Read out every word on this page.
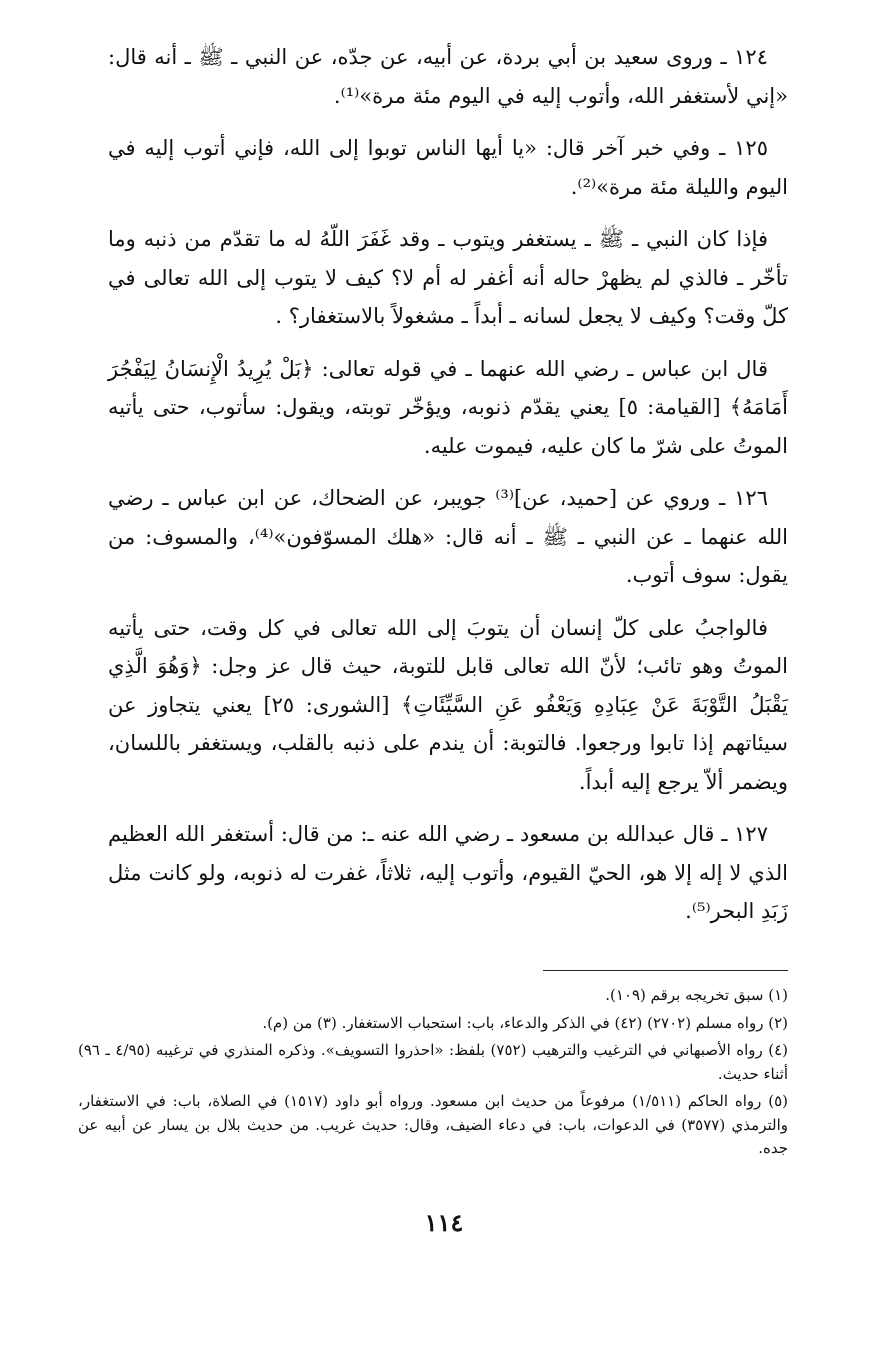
١٢٤ ـ وروى سعيد بن أبي بردة، عن أبيه، عن جدّه، عن النبي ـ ﷺ ـ أنه قال: «إني لأستغفر الله، وأتوب إليه في اليوم مئة مرة»⁽¹⁾.

١٢٥ ـ وفي خبر آخر قال: «يا أيها الناس توبوا إلى الله، فإني أتوب إليه في اليوم والليلة مئة مرة»⁽²⁾.

فإذا كان النبي ـ ﷺ ـ يستغفر ويتوب ـ وقد غَفَرَ اللّهُ له ما تقدّم من ذنبه وما تأخّر ـ فالذي لم يظهرْ حاله أنه أغفر له أم لا؟ كيف لا يتوب إلى الله تعالى في كلّ وقت؟ وكيف لا يجعل لسانه ـ أبداً ـ مشغولاً بالاستغفار؟ .

قال ابن عباس ـ رضي الله عنهما ـ في قوله تعالى: ﴿بَلْ يُرِيدُ الْإِنسَانُ لِيَفْجُرَ أَمَامَهُ﴾ [القيامة: ٥] يعني يقدّم ذنوبه، ويؤخّر توبته، ويقول: سأتوب، حتى يأتيه الموتُ على شرّ ما كان عليه، فيموت عليه.

١٢٦ ـ وروي عن [حميد، عن]⁽³⁾ جويبر، عن الضحاك، عن ابن عباس ـ رضي الله عنهما ـ عن النبي ـ ﷺ ـ أنه قال: «هلك المسوّفون»⁽⁴⁾، والمسوف: من يقول: سوف أتوب.

فالواجبُ على كلّ إنسان أن يتوبَ إلى الله تعالى في كل وقت، حتى يأتيه الموتُ وهو تائب؛ لأنّ الله تعالى قابل للتوبة، حيث قال عز وجل: ﴿وَهُوَ الَّذِي يَقْبَلُ التَّوْبَةَ عَنْ عِبَادِهِ وَيَعْفُو عَنِ السَّيِّئَاتِ﴾ [الشورى: ٢٥] يعني يتجاوز عن سيئاتهم إذا تابوا ورجعوا. فالتوبة: أن يندم على ذنبه بالقلب، ويستغفر باللسان، ويضمر ألاّ يرجع إليه أبداً.

١٢٧ ـ قال عبدالله بن مسعود ـ رضي الله عنه ـ: من قال: أستغفر الله العظيم الذي لا إله إلا هو، الحيّ القيوم، وأتوب إليه، ثلاثاً، غفرت له ذنوبه، ولو كانت مثل زَبَدِ البحر⁽⁵⁾.

(١) سبق تخريجه برقم (١٠٩).

(٢) رواه مسلم (٢٧٠٢) (٤٢) في الذكر والدعاء، باب: استحباب الاستغفار. (٣) من (م).

(٤) رواه الأصبهاني في الترغيب والترهيب (٧٥٢) بلفظ: «احذروا التسويف». وذكره المنذري في ترغيبه (٤/٩٥ ـ ٩٦) أثناء حديث.

(٥) رواه الحاكم (١/٥١١) مرفوعاً من حديث ابن مسعود. ورواه أبو داود (١٥١٧) في الصلاة، باب: في الاستغفار، والترمذي (٣٥٧٧) في الدعوات، باب: في دعاء الضيف، وقال: حديث غريب. من حديث بلال بن يسار عن أبيه عن جده.

١١٤
